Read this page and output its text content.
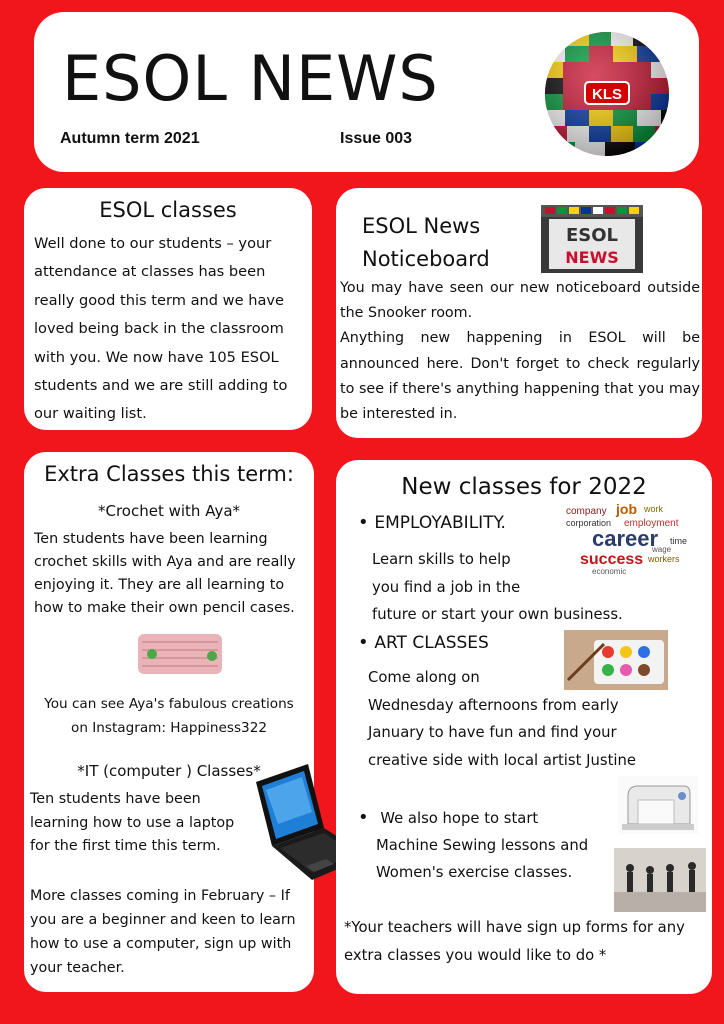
ESOL NEWS
Autumn term 2021	Issue 003
KLS
ESOL classes

Well done to our students – your attendance at classes has been really good this term and we have loved being back in the classroom with you. We now have 105 ESOL students and we are still adding to our waiting list.

ESOL News
Noticeboard
ESOL
NEWS
You may have seen our new noticeboard outside the Snooker room.
Anything new happening in ESOL will be announced here. Don't forget to check regularly to see if there's anything happening that you may be interested in.
Extra Classes this term:
*Crochet with Aya*

Ten students have been learning crochet skills with Aya and are really enjoying it. They are all learning to how to make their own pencil cases.

You can see Aya's fabulous creations
on Instagram: Happiness322
*IT (computer ) Classes*

Ten students have been learning how to use a laptop for the first time this term.

More classes coming in February – If you are a beginner and keen to learn how to use a computer, sign up with your teacher.

New classes for 2022
• EMPLOYABILITY.
Learn skills to help
you find a job in the
future or start your own business.
company job work
corporation employment
career
success workers
time
economic
wage
• ART CLASSES
Come along on
Wednesday afternoons from early
January to have fun and find your
creative side with local artist Justine
• We also hope to start
Machine Sewing lessons and
Women's exercise classes.

*Your teachers will have sign up forms for any extra classes you would like to do *
